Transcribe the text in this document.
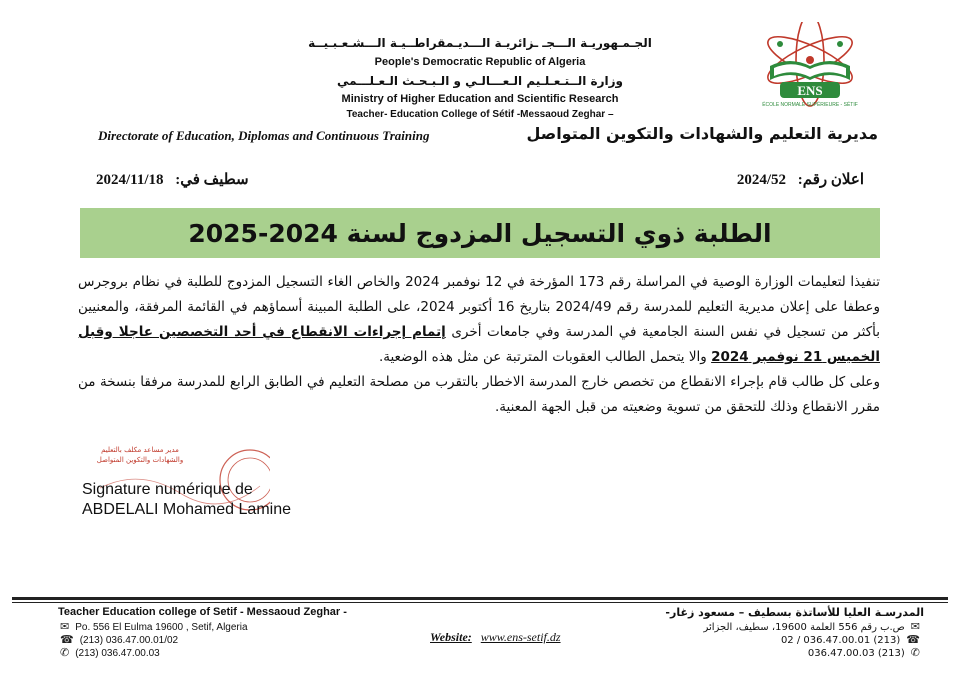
ENS
ÉCOLE NORMALE SUPÉRIEURE - SÉTIF
الجـمـهوريـة الـــجـ ـزائريـة الـــديـمقراطــيـة الـــشـعـبـيــة
People's Democratic Republic of Algeria
وزارة الــتـعـلـيم الـعـــالـي و الـبـحـث الـعـلـــمي
Ministry of Higher Education and Scientific Research
Teacher- Education College of Sétif -Messaoud Zeghar –
Directorate of Education, Diplomas and Continuous Training	مديرية التعليم والشهادات والتكوين المتواصل
اعلان رقم: 2024/52
سطيف في: 2024/11/18
الطلبة ذوي التسجيل المزدوج لسنة 2024-2025

تنفيذا لتعليمات الوزارة الوصية في المراسلة رقم 173 المؤرخة في 12 نوفمبر 2024 والخاص الغاء التسجيل المزدوج للطلبة في نظام بروجرس وعطفا على إعلان مديرية التعليم للمدرسة رقم 2024/49 بتاريخ 16 أكتوبر 2024، على الطلبة المبينة أسماؤهم في القائمة المرفقة، والمعنيين بأكثر من تسجيل في نفس السنة الجامعية في المدرسة وفي جامعات أخرى إتمام إجراءات الانقطاع في أحد التخصصين عاجلا وقبل الخميس 21 نوفمبر 2024 والا يتحمل الطالب العقوبات المترتبة عن مثل هذه الوضعية.

وعلى كل طالب قام بإجراء الانقطاع من تخصص خارج المدرسة الاخطار بالتقرب من مصلحة التعليم في الطابق الرابع للمدرسة مرفقا بنسخة من مقرر الانقطاع وذلك للتحقق من تسوية وضعيته من قبل الجهة المعنية.

مدير مساعد مكلف بالتعليم
والشهادات والتكوين المتواصل
Signature numérique de
ABDELALI Mohamed Lamine
Teacher Education college of Setif - Messaoud Zeghar -
✉ Po. 556 El Eulma 19600 , Setif, Algeria
☎ (213) 036.47.00.01/02
✆ (213) 036.47.00.03
Website: www.ens-setif.dz
المدرسـة العليا للأساتذة بسطيف – مسعود زغار-
✉ص.ب رقم 556 العلمة 19600، سطيف، الجزائر
☎(213) 036.47.00.01 / 02
✆(213) 036.47.00.03
